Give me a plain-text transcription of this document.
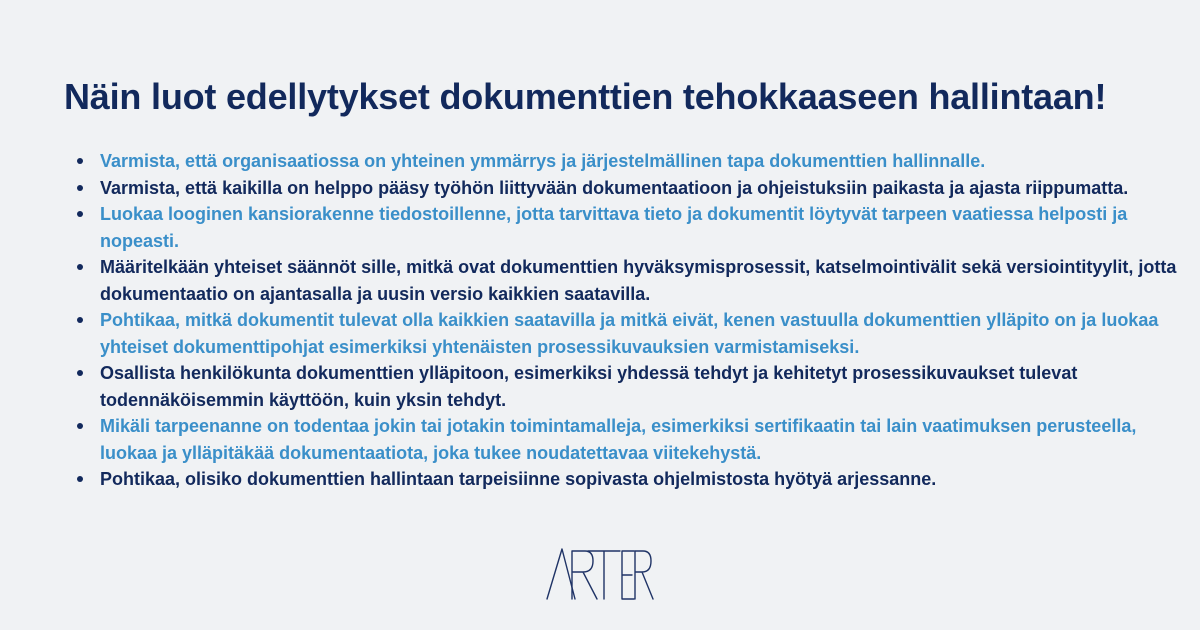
Näin luot edellytykset dokumenttien tehokkaaseen hallintaan!
Varmista, että organisaatiossa on yhteinen ymmärrys ja järjestelmällinen tapa dokumenttien hallinnalle.
Varmista, että kaikilla on helppo pääsy työhön liittyvään dokumentaatioon ja ohjeistuksiin paikasta ja ajasta riippumatta.
Luokaa looginen kansiorakenne tiedostoillenne, jotta tarvittava tieto ja dokumentit löytyvät tarpeen vaatiessa helposti ja nopeasti.
Määritelkään yhteiset säännöt sille, mitkä ovat dokumenttien hyväksymisprosessit, katselmointivälit sekä versiointityylit, jotta dokumentaatio on ajantasalla ja uusin versio kaikkien saatavilla.
Pohtikaa, mitkä dokumentit tulevat olla kaikkien saatavilla ja mitkä eivät, kenen vastuulla dokumenttien ylläpito on ja luokaa yhteiset dokumenttipohjat esimerkiksi yhtenäisten prosessikuvauksien varmistamiseksi.
Osallista henkilökunta dokumenttien ylläpitoon, esimerkiksi yhdessä tehdyt ja kehitetyt prosessikuvaukset tulevat todennäköisemmin käyttöön, kuin yksin tehdyt.
Mikäli tarpeenanne on todentaa jokin tai jotakin toimintamalleja, esimerkiksi sertifikaatin tai lain vaatimuksen perusteella, luokaa ja ylläpitäkää dokumentaatiota, joka tukee noudatettavaa viitekehystä.
Pohtikaa, olisiko dokumenttien hallintaan tarpeisiinne sopivasta ohjelmistosta hyötyä arjessanne.
